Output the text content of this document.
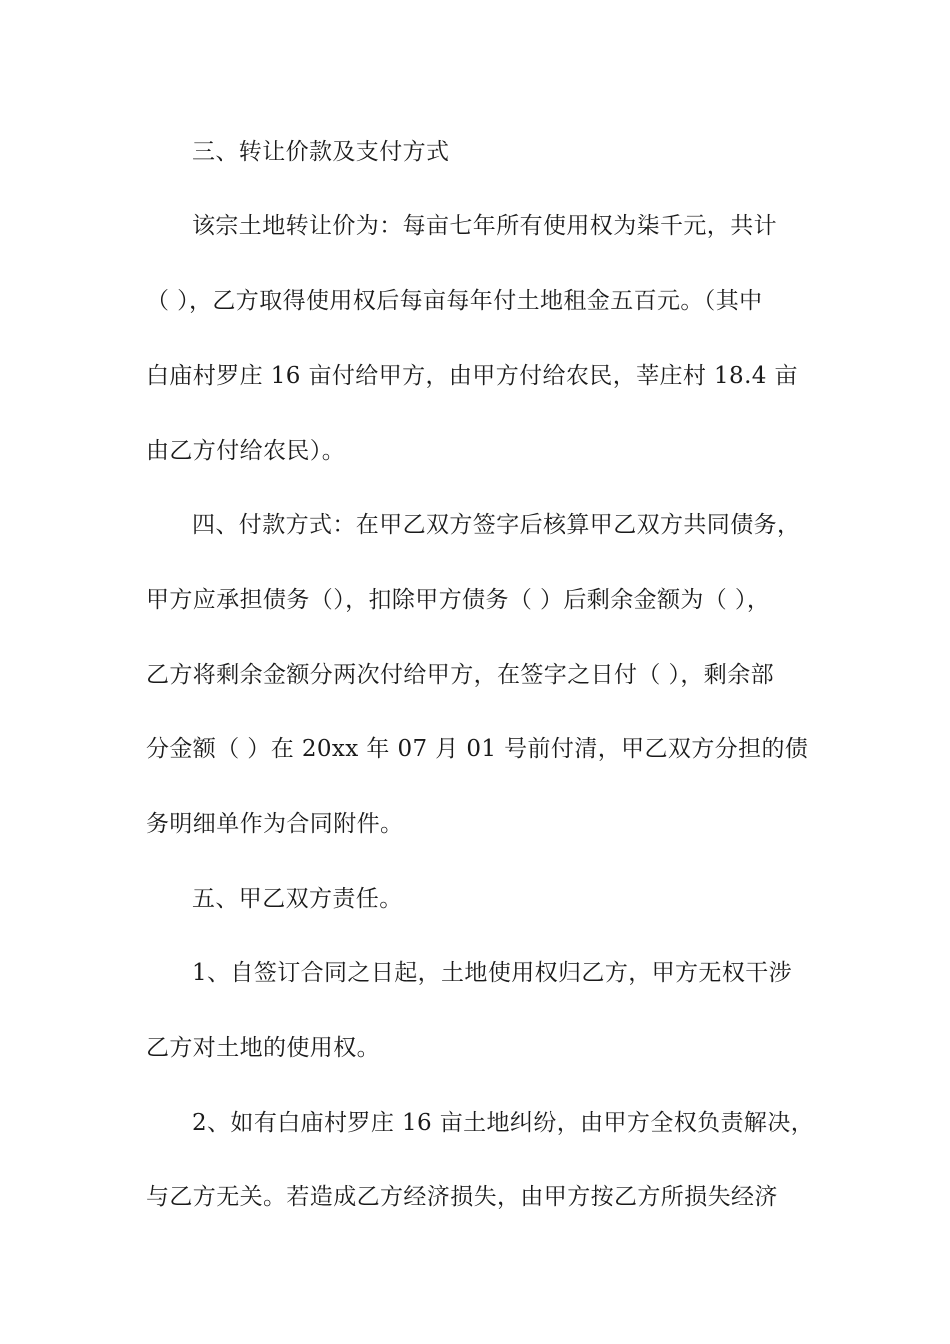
三、转让价款及支付方式
该宗土地转让价为：每亩七年所有使用权为柒千元，共计
（ ），乙方取得使用权后每亩每年付土地租金五百元。（其中
白庙村罗庄 16 亩付给甲方，由甲方付给农民，莘庄村 18.4 亩
由乙方付给农民）。
四、付款方式：在甲乙双方签字后核算甲乙双方共同债务，
甲方应承担债务（），扣除甲方债务（ ）后剩余金额为（ ），
乙方将剩余金额分两次付给甲方，在签字之日付（ ），剩余部
分金额（ ）在 20xx 年 07 月 01 号前付清，甲乙双方分担的债
务明细单作为合同附件。
五、甲乙双方责任。
1、自签订合同之日起，土地使用权归乙方，甲方无权干涉
乙方对土地的使用权。
2、如有白庙村罗庄 16 亩土地纠纷，由甲方全权负责解决，
与乙方无关。若造成乙方经济损失，由甲方按乙方所损失经济
